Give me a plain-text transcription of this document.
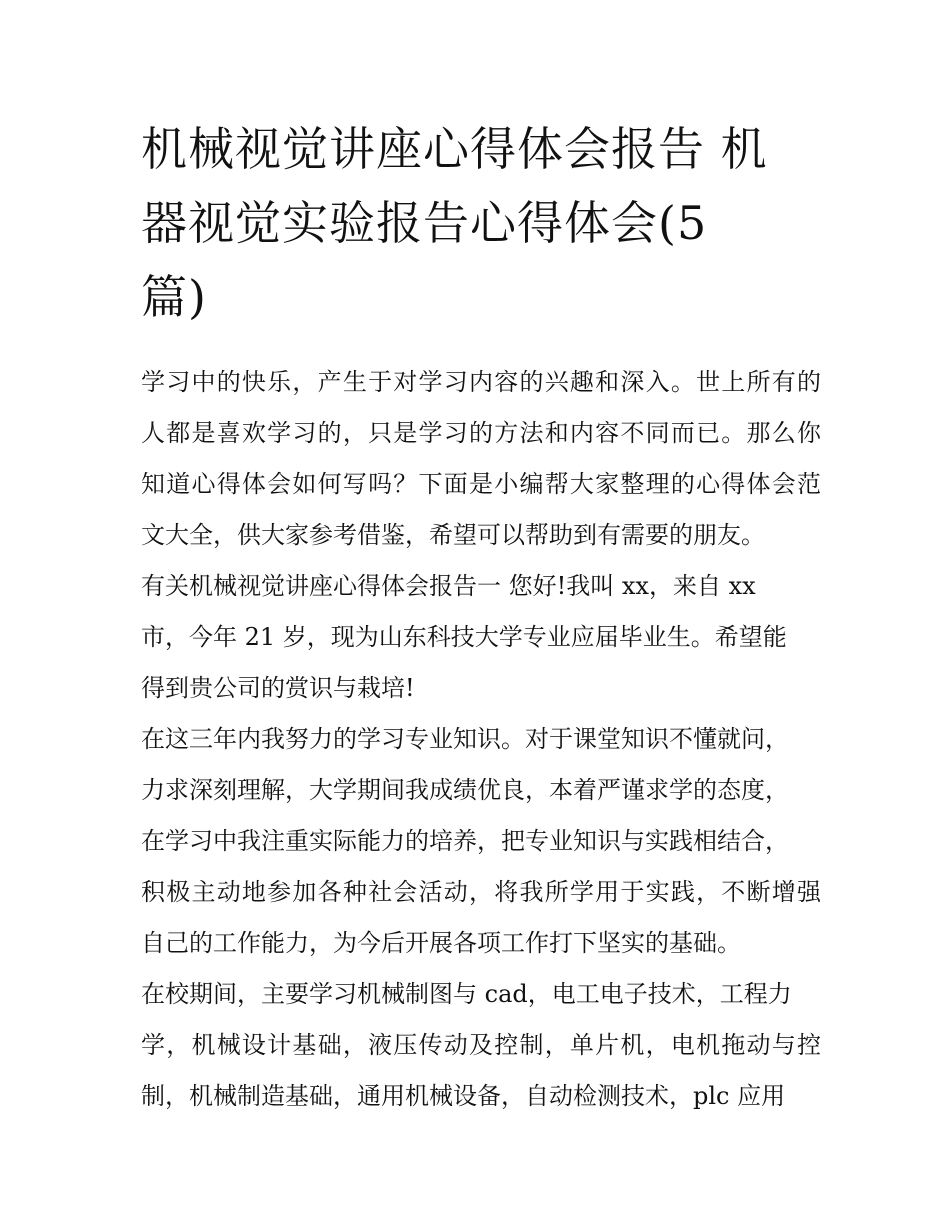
机械视觉讲座心得体会报告 机
器视觉实验报告心得体会(5
篇)
学习中的快乐，产生于对学习内容的兴趣和深入。世上所有的
人都是喜欢学习的，只是学习的方法和内容不同而已。那么你
知道心得体会如何写吗？下面是小编帮大家整理的心得体会范
文大全，供大家参考借鉴，希望可以帮助到有需要的朋友。
有关机械视觉讲座心得体会报告一 您好!我叫 xx，来自 xx
市，今年 21 岁，现为山东科技大学专业应届毕业生。希望能
得到贵公司的赏识与栽培!
在这三年内我努力的学习专业知识。对于课堂知识不懂就问，
力求深刻理解，大学期间我成绩优良，本着严谨求学的态度，
在学习中我注重实际能力的培养，把专业知识与实践相结合，
积极主动地参加各种社会活动，将我所学用于实践，不断增强
自己的工作能力，为今后开展各项工作打下坚实的基础。
在校期间，主要学习机械制图与 cad，电工电子技术，工程力
学，机械设计基础，液压传动及控制，单片机，电机拖动与控
制，机械制造基础，通用机械设备，自动检测技术，plc 应用
